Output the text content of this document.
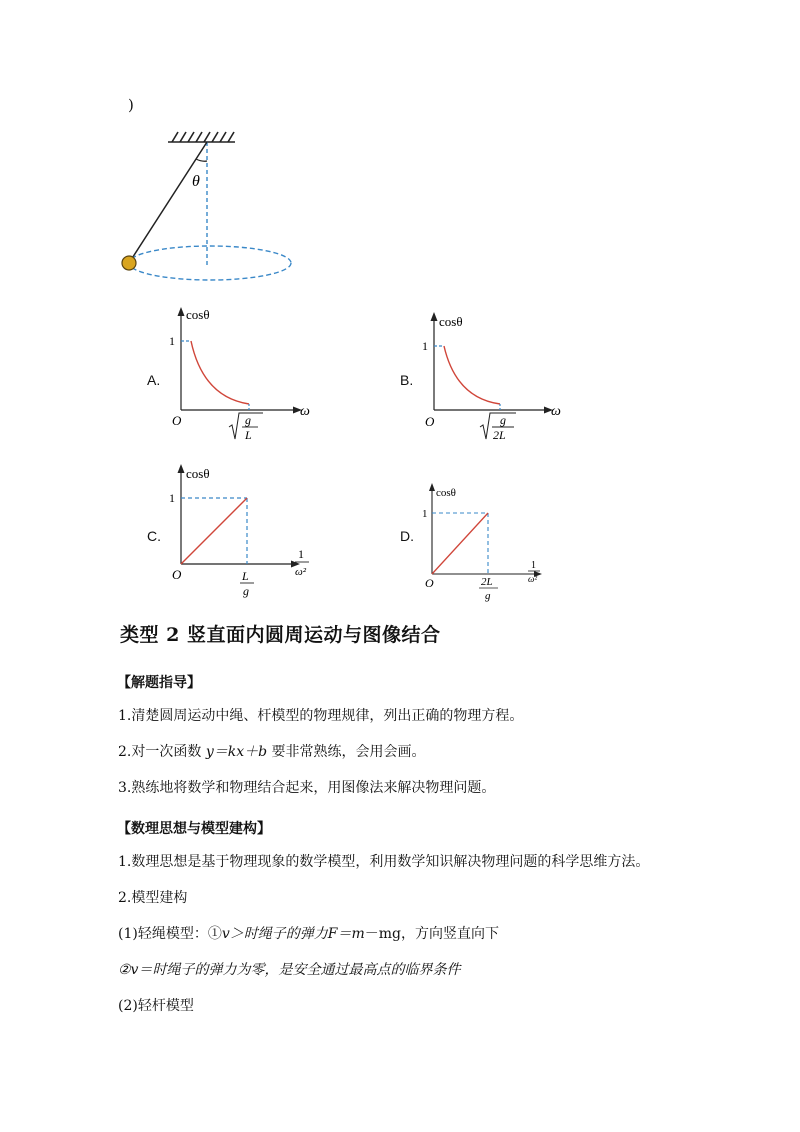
)
θ
A.
cosθ
1
O
ω
g
L
B.
cosθ
1
O
ω
g
2L
C.
cosθ
1
O
1
ω²
L
g
D.
cosθ
1
O
1
ω²
2L
g
类型 2 竖直面内圆周运动与图像结合
【解题指导】
1.清楚圆周运动中绳、杆模型的物理规律，列出正确的物理方程。
2.对一次函数 y＝kx＋b 要非常熟练，会用会画。
3.熟练地将数学和物理结合起来，用图像法来解决物理问题。
【数理思想与模型建构】
1.数理思想是基于物理现象的数学模型，利用数学知识解决物理问题的科学思维方法。
2.模型建构
(1)轻绳模型：①v＞时绳子的弹力F＝m－mg，方向竖直向下
②v＝时绳子的弹力为零，是安全通过最高点的临界条件
(2)轻杆模型
